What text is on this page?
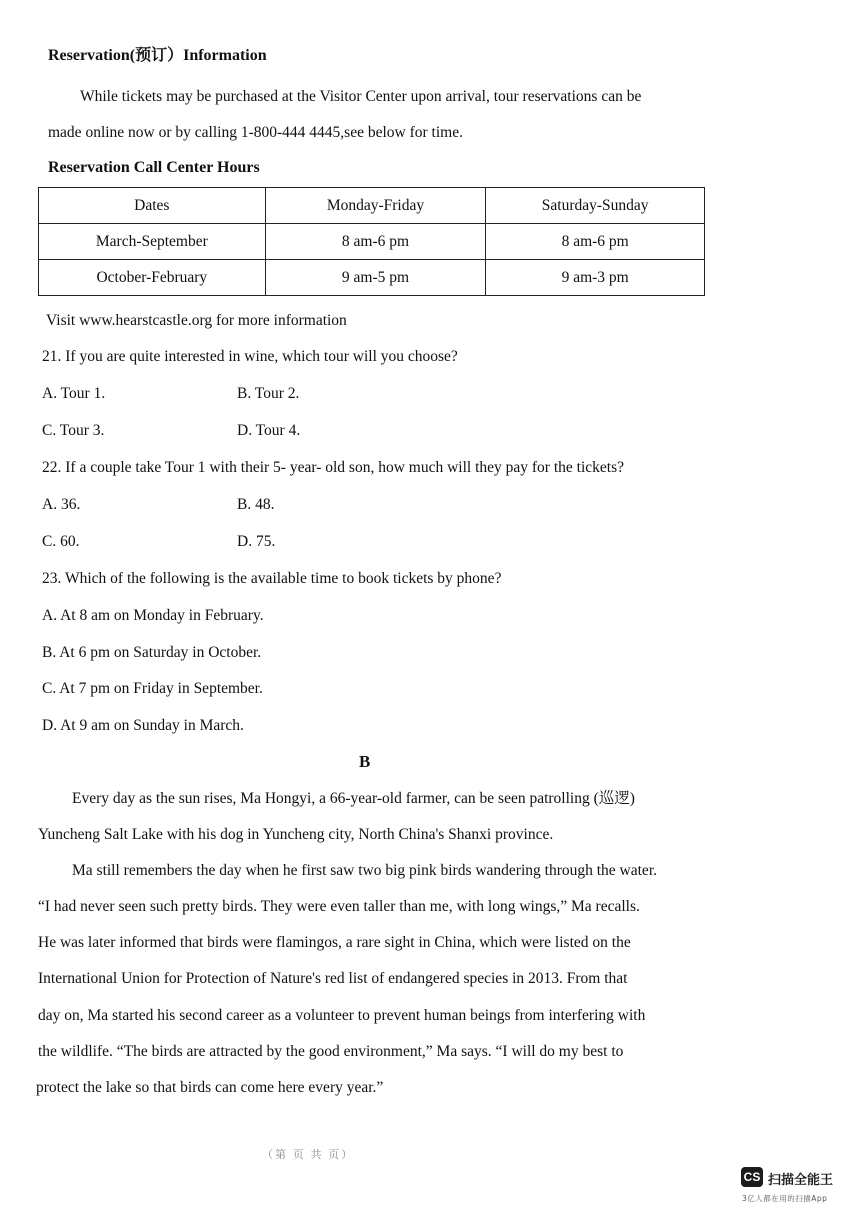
Reservation(预订）Information
While tickets may be purchased at the Visitor Center upon arrival, tour reservations can be
made online now or by calling 1-800-444 4445,see below for time.
Reservation Call Center Hours
Dates	Monday-Friday	Saturday-Sunday
March-September	8 am-6 pm	8 am-6 pm
October-February	9 am-5 pm	9 am-3 pm
Visit www.hearstcastle.org for more information
21. If you are quite interested in wine, which tour will you choose?
A. Tour 1.	B. Tour 2.
C. Tour 3.	D. Tour 4.
22. If a couple take Tour 1 with their 5- year- old son, how much will they pay for the tickets?
A. 36.	B. 48.
C. 60.	D. 75.
23. Which of the following is the available time to book tickets by phone?
A. At 8 am on Monday in February.
B. At 6 pm on Saturday in October.
C. At 7 pm on Friday in September.
D. At 9 am on Sunday in March.
B
Every day as the sun rises, Ma Hongyi, a 66-year-old farmer, can be seen patrolling (巡逻)
Yuncheng Salt Lake with his dog in Yuncheng city, North China's Shanxi province.
Ma still remembers the day when he first saw two big pink birds wandering through the water.
“I had never seen such pretty birds. They were even taller than me, with long wings,” Ma recalls.
He was later informed that birds were flamingos, a rare sight in China, which were listed on the
International Union for Protection of Nature's red list of endangered species in 2013. From that
day on, Ma started his second career as a volunteer to prevent human beings from interfering with
the wildlife. “The birds are attracted by the good environment,” Ma says. “I will do my best to
protect the lake so that birds can come here every year.”
（第 页 共 页）
CS 扫描全能王
3亿人都在用的扫描App
